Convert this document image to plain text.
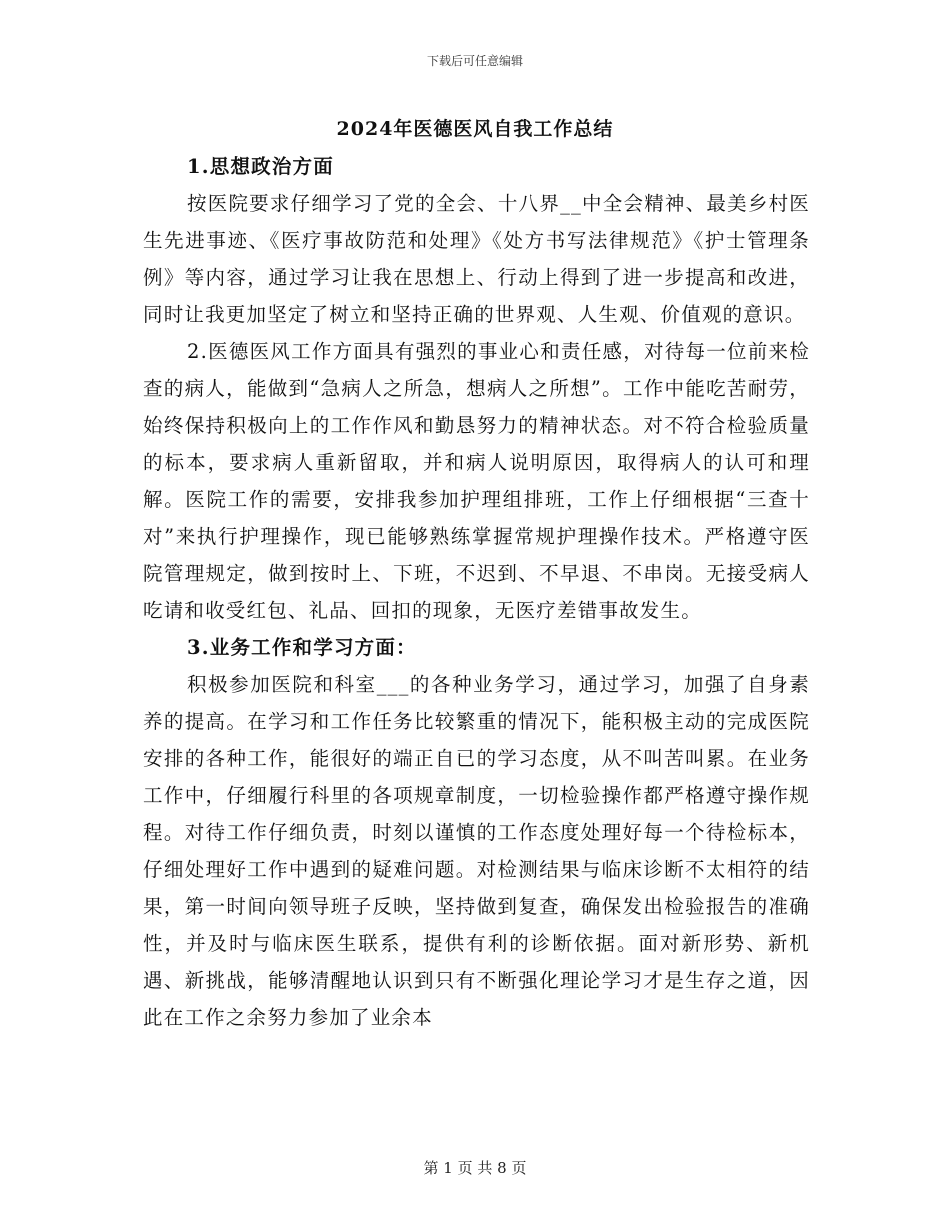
下载后可任意编辑
2024年医德医风自我工作总结

1.思想政治方面

按医院要求仔细学习了党的全会、十八界__中全会精神、最美乡村医生先进事迹、《医疗事故防范和处理》《处方书写法律规范》《护士管理条例》等内容，通过学习让我在思想上、行动上得到了进一步提高和改进，同时让我更加坚定了树立和坚持正确的世界观、人生观、价值观的意识。

2.医德医风工作方面具有强烈的事业心和责任感，对待每一位前来检查的病人，能做到“急病人之所急，想病人之所想”。工作中能吃苦耐劳，始终保持积极向上的工作作风和勤恳努力的精神状态。对不符合检验质量的标本，要求病人重新留取，并和病人说明原因，取得病人的认可和理解。医院工作的需要，安排我参加护理组排班，工作上仔细根据“三查十对”来执行护理操作，现已能够熟练掌握常规护理操作技术。严格遵守医院管理规定，做到按时上、下班，不迟到、不早退、不串岗。无接受病人吃请和收受红包、礼品、回扣的现象，无医疗差错事故发生。

3.业务工作和学习方面：

积极参加医院和科室___的各种业务学习，通过学习，加强了自身素养的提高。在学习和工作任务比较繁重的情况下，能积极主动的完成医院安排的各种工作，能很好的端正自已的学习态度，从不叫苦叫累。在业务工作中，仔细履行科里的各项规章制度，一切检验操作都严格遵守操作规程。对待工作仔细负责，时刻以谨慎的工作态度处理好每一个待检标本，仔细处理好工作中遇到的疑难问题。对检测结果与临床诊断不太相符的结果，第一时间向领导班子反映，坚持做到复查，确保发出检验报告的准确性，并及时与临床医生联系，提供有利的诊断依据。面对新形势、新机遇、新挑战，能够清醒地认识到只有不断强化理论学习才是生存之道，因此在工作之余努力参加了业余本

第 1 页 共 8 页
